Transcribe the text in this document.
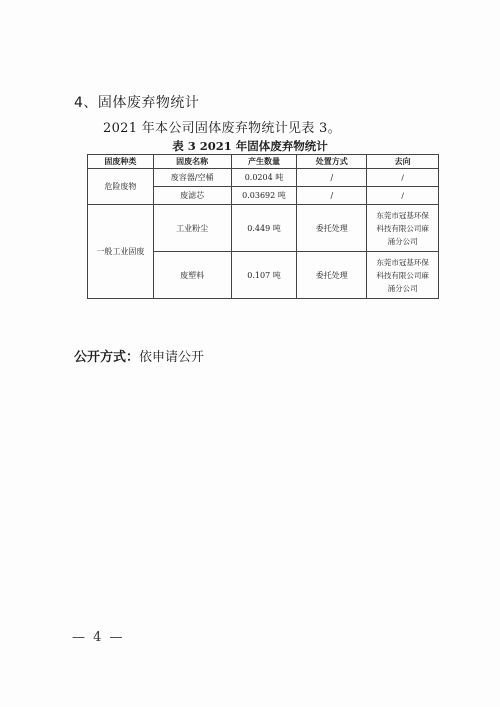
4、固体废弃物统计
2021 年本公司固体废弃物统计见表 3。
表 3 2021 年固体废弃物统计
固废种类	固废名称	产生数量	处置方式	去向
危险废物	废容器/空桶	0.0204 吨	/	/
	废滤芯	0.03692 吨	/	/
一般工业固废	工业粉尘	0.449 吨	委托处理	东莞市冠基环保
科技有限公司麻
涌分公司

	废塑料	0.107 吨	委托处理	东莞市冠基环保
科技有限公司麻
涌分公司
公开方式：依申请公开
— 4 —
